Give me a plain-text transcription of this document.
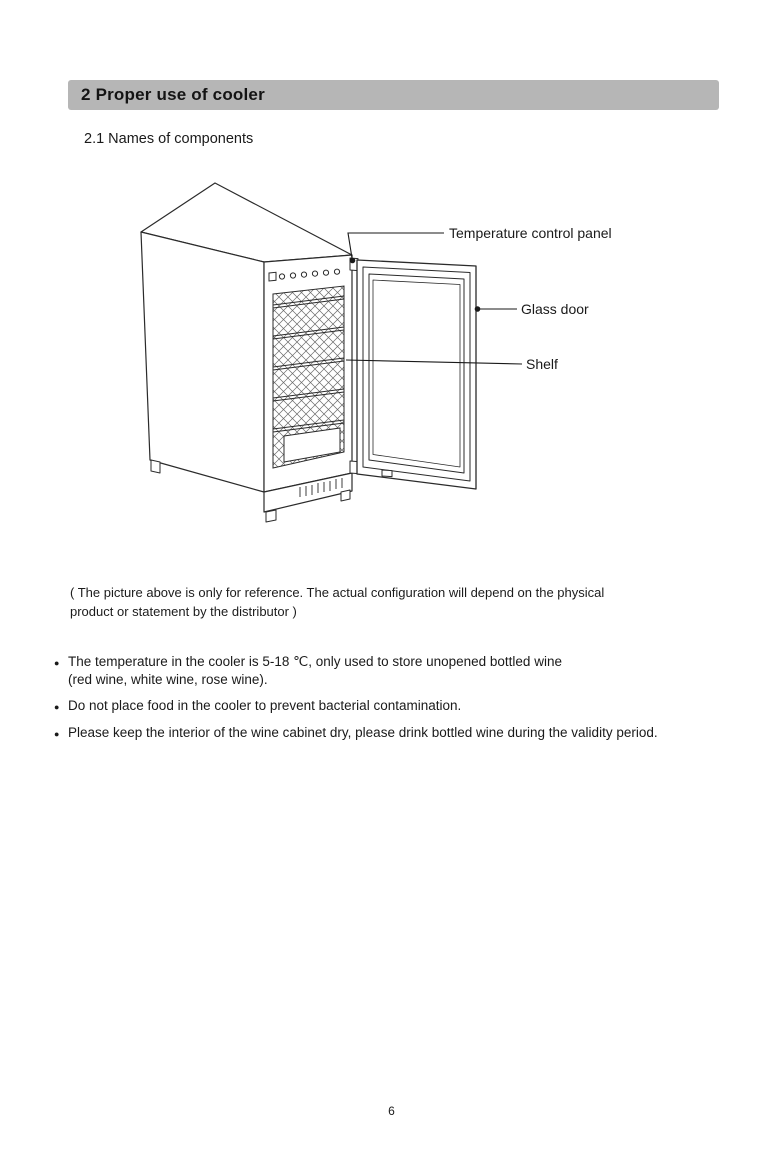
2 Proper use of cooler
2.1 Names of components
Temperature control panel
Glass door
Shelf
( The picture above is only for reference. The actual configuration will depend on the physical
product or statement by the distributor )
●
The temperature in the cooler is 5-18 ℃, only used to store unopened bottled wine
(red wine, white wine, rose wine).
●
Do not place food in the cooler to prevent bacterial contamination.
●
Please keep the interior of the wine cabinet dry, please drink bottled wine during the validity period.
6
